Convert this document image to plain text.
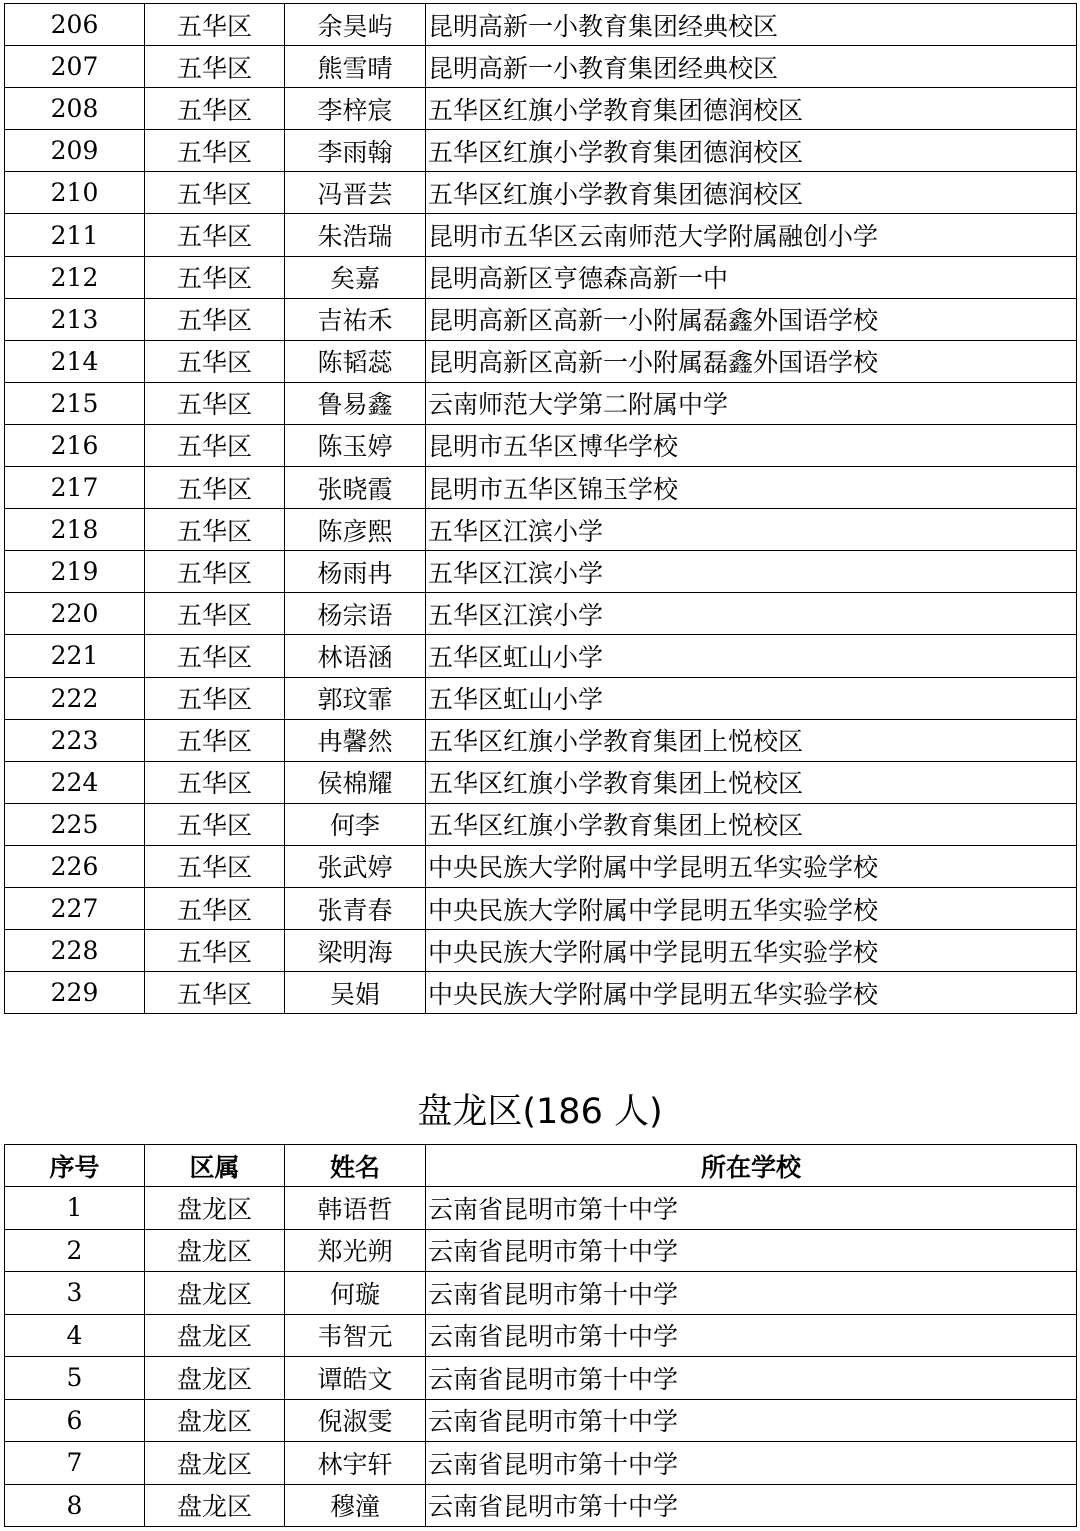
206	五华区	余昊屿	昆明高新一小教育集团经典校区
207	五华区	熊雪晴	昆明高新一小教育集团经典校区
208	五华区	李梓宸	五华区红旗小学教育集团德润校区
209	五华区	李雨翰	五华区红旗小学教育集团德润校区
210	五华区	冯晋芸	五华区红旗小学教育集团德润校区
211	五华区	朱浩瑞	昆明市五华区云南师范大学附属融创小学
212	五华区	矣嘉	昆明高新区亨德森高新一中
213	五华区	吉祐禾	昆明高新区高新一小附属磊鑫外国语学校
214	五华区	陈韬蕊	昆明高新区高新一小附属磊鑫外国语学校
215	五华区	鲁易鑫	云南师范大学第二附属中学
216	五华区	陈玉婷	昆明市五华区博华学校
217	五华区	张晓霞	昆明市五华区锦玉学校
218	五华区	陈彦熙	五华区江滨小学
219	五华区	杨雨冉	五华区江滨小学
220	五华区	杨宗语	五华区江滨小学
221	五华区	林语涵	五华区虹山小学
222	五华区	郭玟霏	五华区虹山小学
223	五华区	冉馨然	五华区红旗小学教育集团上悦校区
224	五华区	侯棉耀	五华区红旗小学教育集团上悦校区
225	五华区	何李	五华区红旗小学教育集团上悦校区
226	五华区	张武婷	中央民族大学附属中学昆明五华实验学校
227	五华区	张青春	中央民族大学附属中学昆明五华实验学校
228	五华区	梁明海	中央民族大学附属中学昆明五华实验学校
229	五华区	吴娟	中央民族大学附属中学昆明五华实验学校
盘龙区(186 人)
序号	区属	姓名	所在学校
1	盘龙区	韩语哲	云南省昆明市第十中学
2	盘龙区	郑光朔	云南省昆明市第十中学
3	盘龙区	何璇	云南省昆明市第十中学
4	盘龙区	韦智元	云南省昆明市第十中学
5	盘龙区	谭皓文	云南省昆明市第十中学
6	盘龙区	倪淑雯	云南省昆明市第十中学
7	盘龙区	林宇轩	云南省昆明市第十中学
8	盘龙区	穆潼	云南省昆明市第十中学
